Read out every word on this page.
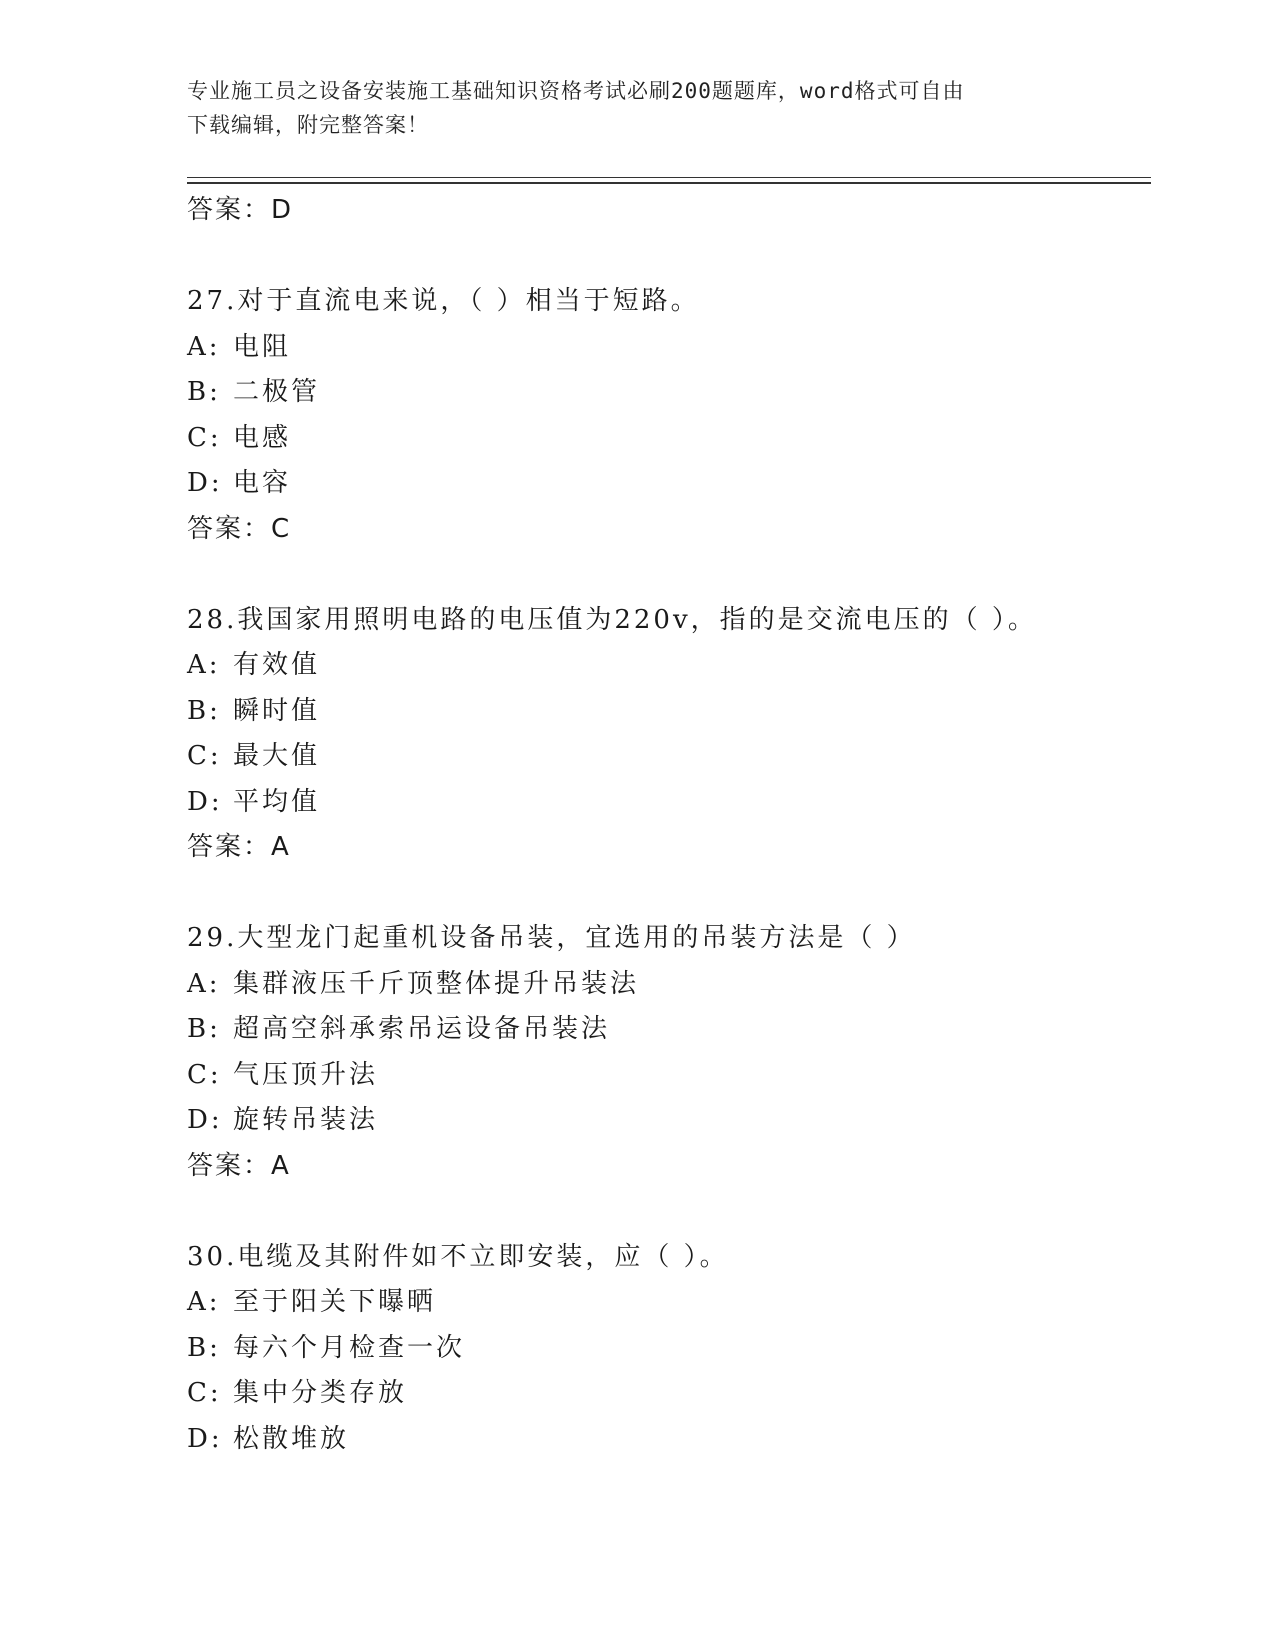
专业施工员之设备安装施工基础知识资格考试必刷200题题库，word格式可自由
下载编辑，附完整答案！
答案：D
27.对于直流电来说，（ ）相当于短路。
A: 电阻
B: 二极管
C: 电感
D: 电容
答案：C
28.我国家用照明电路的电压值为220v，指的是交流电压的（ ）。
A: 有效值
B: 瞬时值
C: 最大值
D: 平均值
答案：A
29.大型龙门起重机设备吊装，宜选用的吊装方法是（ ）
A: 集群液压千斤顶整体提升吊装法
B: 超高空斜承索吊运设备吊装法
C: 气压顶升法
D: 旋转吊装法
答案：A
30.电缆及其附件如不立即安装，应（ ）。
A: 至于阳关下曝晒
B: 每六个月检查一次
C: 集中分类存放
D: 松散堆放
